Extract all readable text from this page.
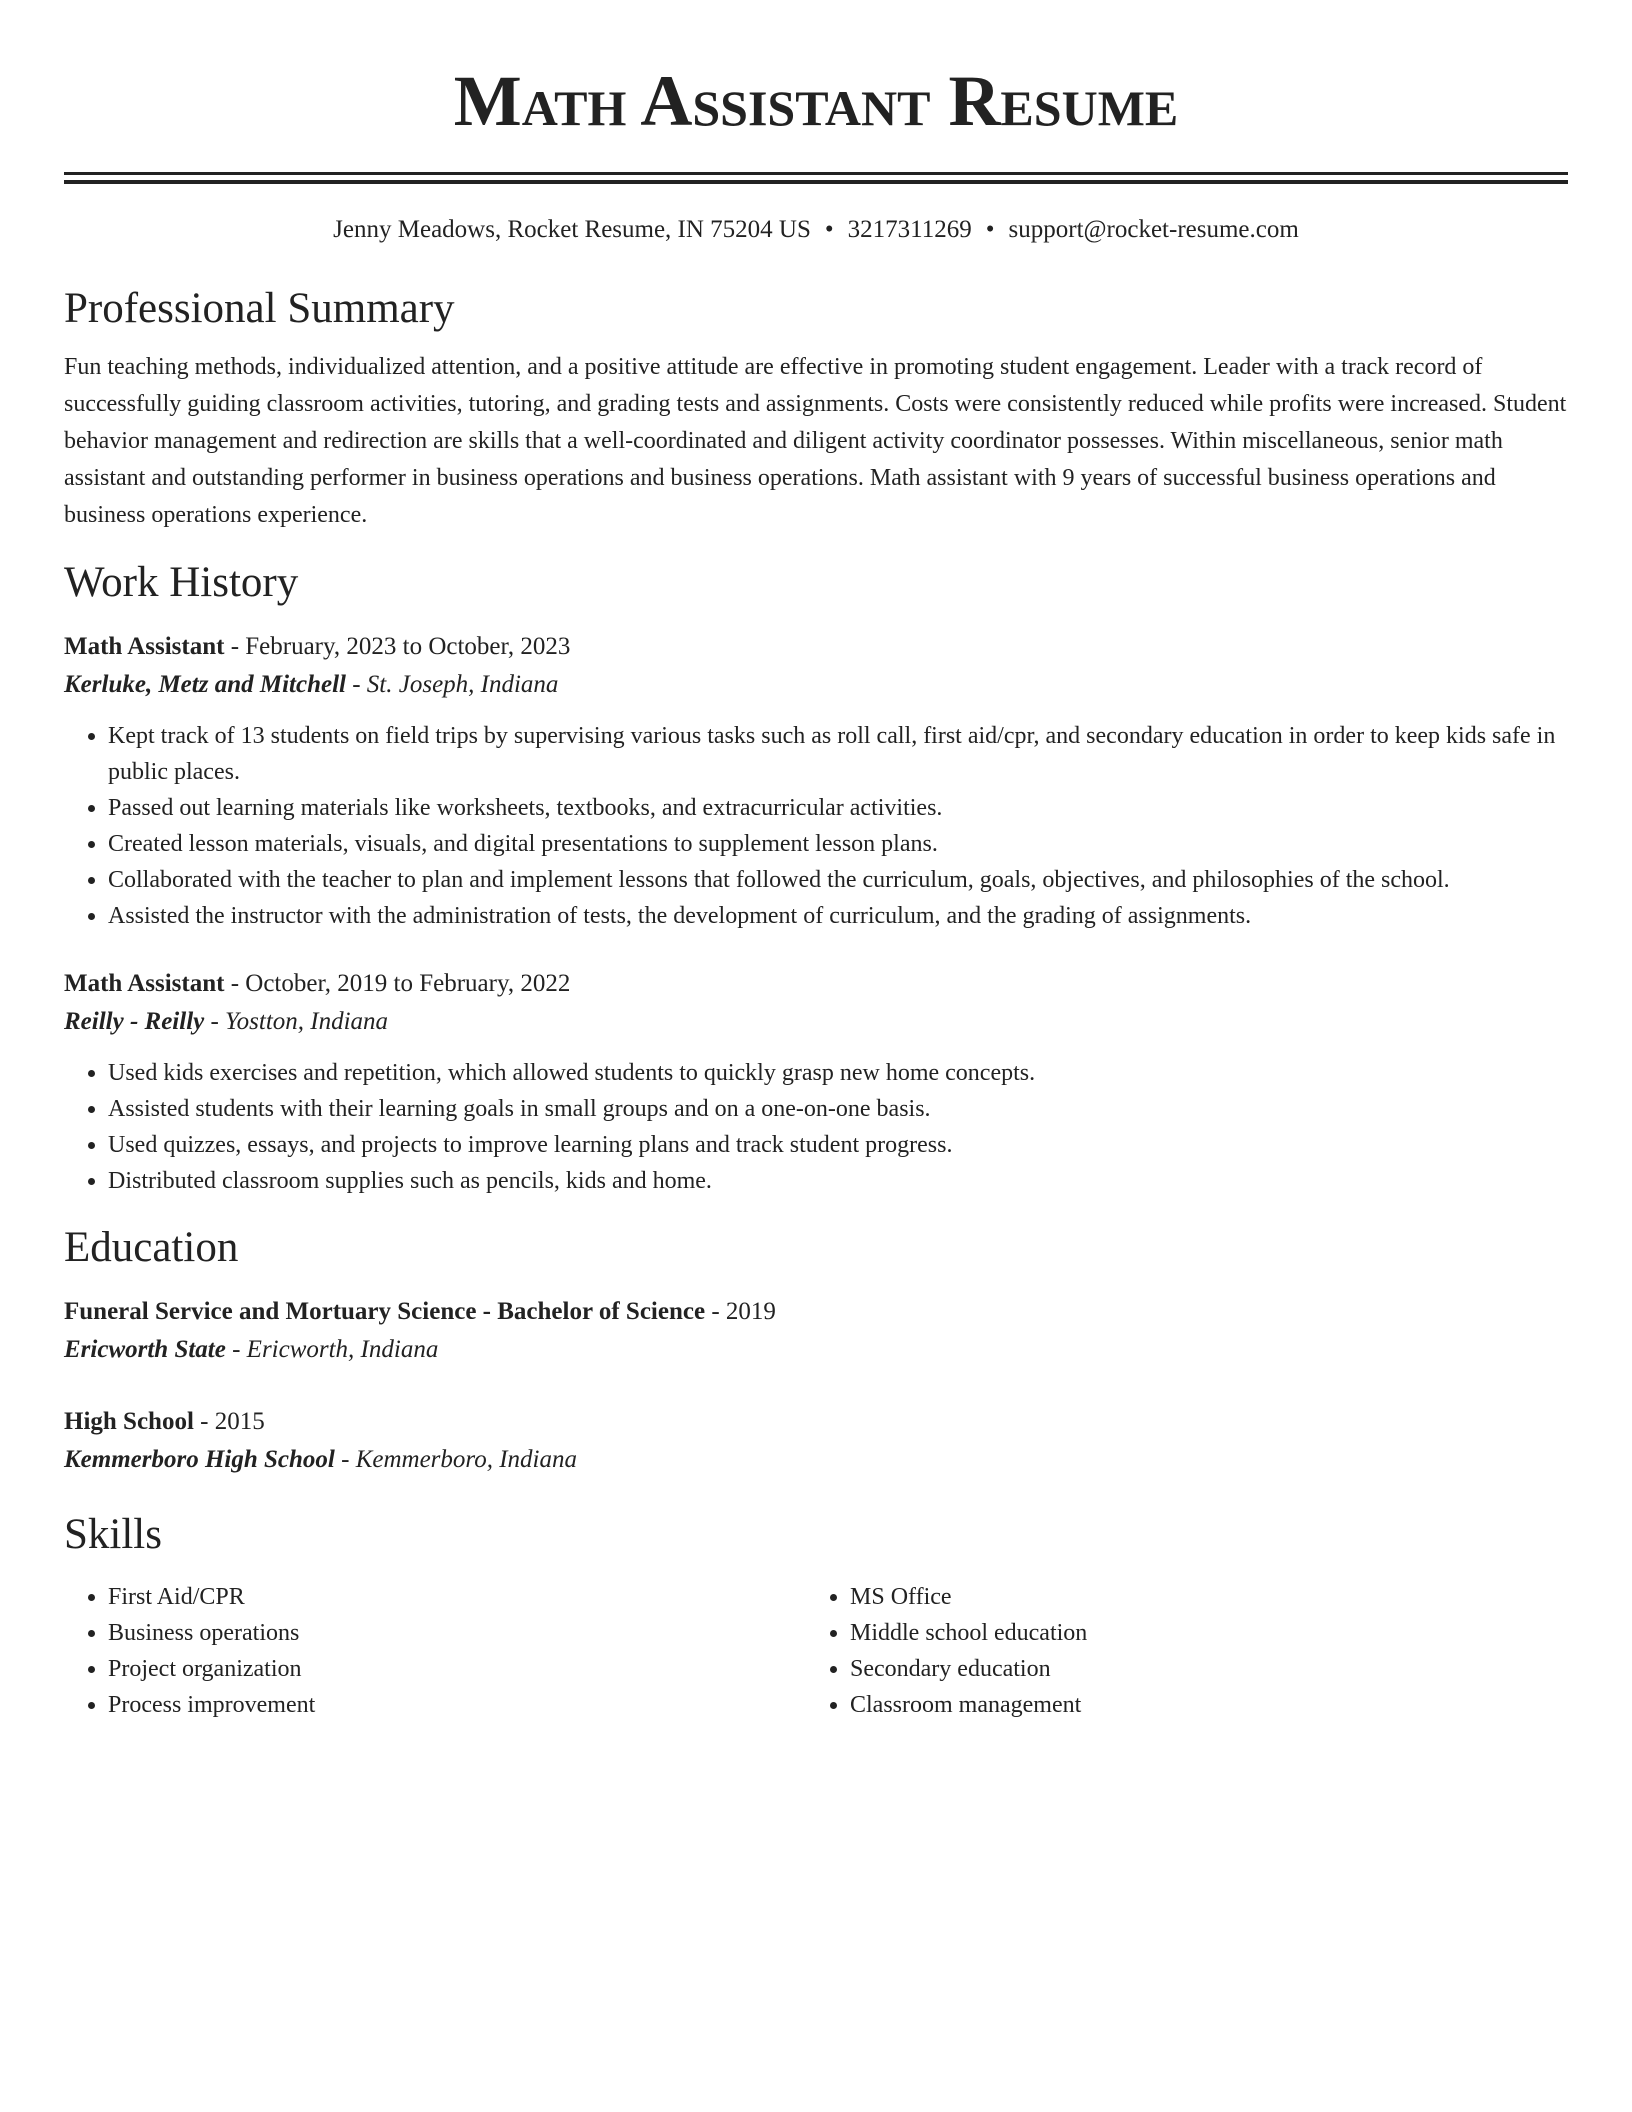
Math Assistant Resume
Jenny Meadows, Rocket Resume, IN 75204 US • 3217311269 • support@rocket-resume.com
Professional Summary
Fun teaching methods, individualized attention, and a positive attitude are effective in promoting student engagement. Leader with a track record of successfully guiding classroom activities, tutoring, and grading tests and assignments. Costs were consistently reduced while profits were increased. Student behavior management and redirection are skills that a well-coordinated and diligent activity coordinator possesses. Within miscellaneous, senior math assistant and outstanding performer in business operations and business operations. Math assistant with 9 years of successful business operations and business operations experience.
Work History
Math Assistant - February, 2023 to October, 2023
Kerluke, Metz and Mitchell - St. Joseph, Indiana
• Kept track of 13 students on field trips by supervising various tasks such as roll call, first aid/cpr, and secondary education in order to keep kids safe in public places.
• Passed out learning materials like worksheets, textbooks, and extracurricular activities.
• Created lesson materials, visuals, and digital presentations to supplement lesson plans.
• Collaborated with the teacher to plan and implement lessons that followed the curriculum, goals, objectives, and philosophies of the school.
• Assisted the instructor with the administration of tests, the development of curriculum, and the grading of assignments.
Math Assistant - October, 2019 to February, 2022
Reilly - Reilly - Yostton, Indiana
• Used kids exercises and repetition, which allowed students to quickly grasp new home concepts.
• Assisted students with their learning goals in small groups and on a one-on-one basis.
• Used quizzes, essays, and projects to improve learning plans and track student progress.
• Distributed classroom supplies such as pencils, kids and home.
Education
Funeral Service and Mortuary Science - Bachelor of Science - 2019
Ericworth State - Ericworth, Indiana
High School - 2015
Kemmerboro High School - Kemmerboro, Indiana
Skills
• First Aid/CPR
• Business operations
• Project organization
• Process improvement
• MS Office
• Middle school education
• Secondary education
• Classroom management
